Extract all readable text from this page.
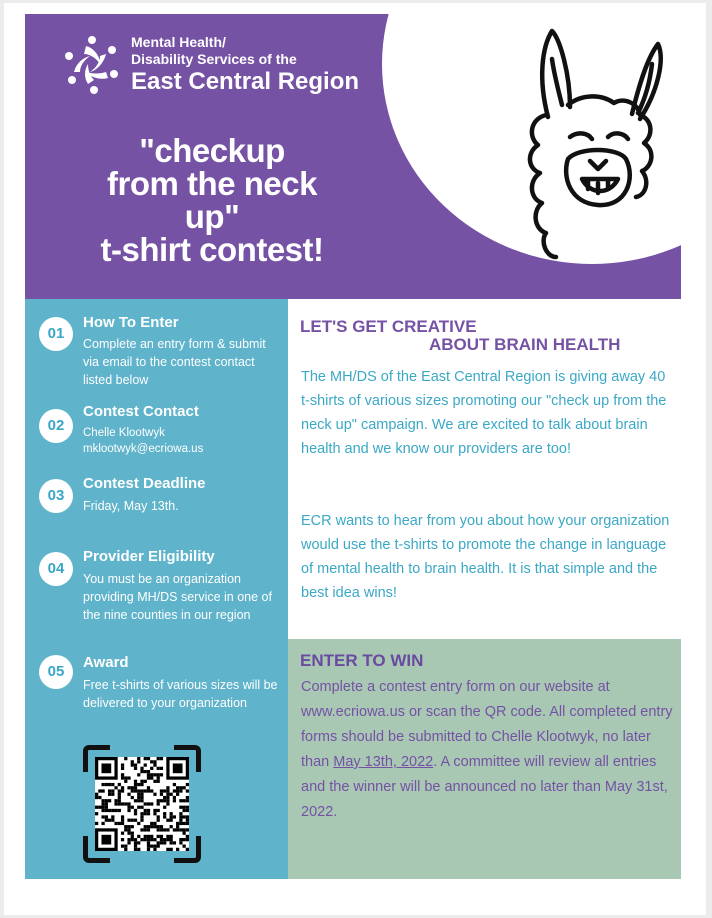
Mental Health/
Disability Services of the
East Central Region
"checkup
from the neck
up"
t-shirt contest!
01
How To Enter
Complete an entry form & submit via email to the contest contact listed below
02
Contest Contact
Chelle Klootwyk
mklootwyk@ecriowa.us
03
Contest Deadline
Friday, May 13th.
04
Provider Eligibility
You must be an organization providing MH/DS service in one of the nine counties in our region
05
Award
Free t-shirts of various sizes will be delivered to your organization
LET'S GET CREATIVE
ABOUT BRAIN HEALTH
The MH/DS of the East Central Region is giving away 40 t-shirts of various sizes promoting our "check up from the neck up" campaign. We are excited to talk about brain health and we know our providers are too!
ECR wants to hear from you about how your organization would use the t-shirts to promote the change in language of mental health to brain health. It is that simple and the best idea wins!
ENTER TO WIN
Complete a contest entry form on our website at www.ecriowa.us or scan the QR code. All completed entry forms should be submitted to Chelle Klootwyk, no later than May 13th, 2022. A committee will review all entries and the winner will be announced no later than May 31st, 2022.
